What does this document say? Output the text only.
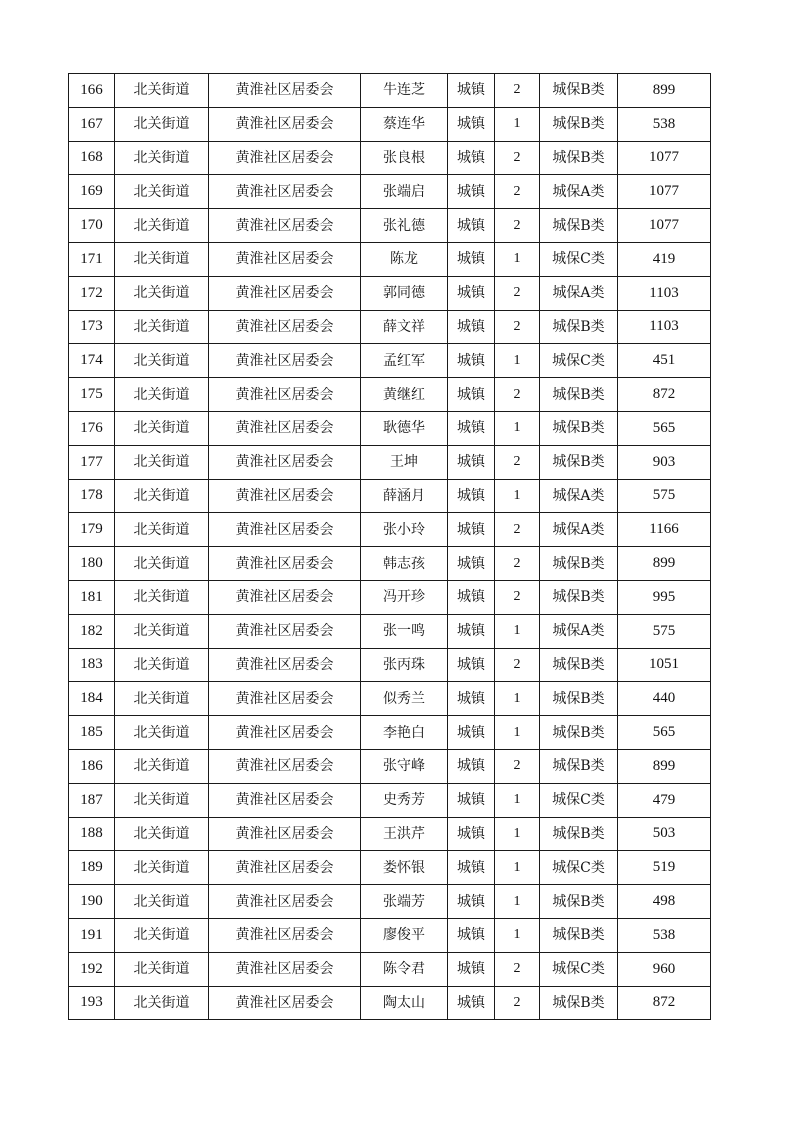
166	北关街道	黄淮社区居委会	牛连芝	城镇	2	城保B类	899
167	北关街道	黄淮社区居委会	蔡连华	城镇	1	城保B类	538
168	北关街道	黄淮社区居委会	张良根	城镇	2	城保B类	1077
169	北关街道	黄淮社区居委会	张端启	城镇	2	城保A类	1077
170	北关街道	黄淮社区居委会	张礼德	城镇	2	城保B类	1077
171	北关街道	黄淮社区居委会	陈龙	城镇	1	城保C类	419
172	北关街道	黄淮社区居委会	郭同德	城镇	2	城保A类	1103
173	北关街道	黄淮社区居委会	薛文祥	城镇	2	城保B类	1103
174	北关街道	黄淮社区居委会	孟红军	城镇	1	城保C类	451
175	北关街道	黄淮社区居委会	黄继红	城镇	2	城保B类	872
176	北关街道	黄淮社区居委会	耿德华	城镇	1	城保B类	565
177	北关街道	黄淮社区居委会	王坤	城镇	2	城保B类	903
178	北关街道	黄淮社区居委会	薛涵月	城镇	1	城保A类	575
179	北关街道	黄淮社区居委会	张小玲	城镇	2	城保A类	1166
180	北关街道	黄淮社区居委会	韩志孩	城镇	2	城保B类	899
181	北关街道	黄淮社区居委会	冯开珍	城镇	2	城保B类	995
182	北关街道	黄淮社区居委会	张一鸣	城镇	1	城保A类	575
183	北关街道	黄淮社区居委会	张丙珠	城镇	2	城保B类	1051
184	北关街道	黄淮社区居委会	似秀兰	城镇	1	城保B类	440
185	北关街道	黄淮社区居委会	李艳白	城镇	1	城保B类	565
186	北关街道	黄淮社区居委会	张守峰	城镇	2	城保B类	899
187	北关街道	黄淮社区居委会	史秀芳	城镇	1	城保C类	479
188	北关街道	黄淮社区居委会	王洪芹	城镇	1	城保B类	503
189	北关街道	黄淮社区居委会	娄怀银	城镇	1	城保C类	519
190	北关街道	黄淮社区居委会	张端芳	城镇	1	城保B类	498
191	北关街道	黄淮社区居委会	廖俊平	城镇	1	城保B类	538
192	北关街道	黄淮社区居委会	陈令君	城镇	2	城保C类	960
193	北关街道	黄淮社区居委会	陶太山	城镇	2	城保B类	872
